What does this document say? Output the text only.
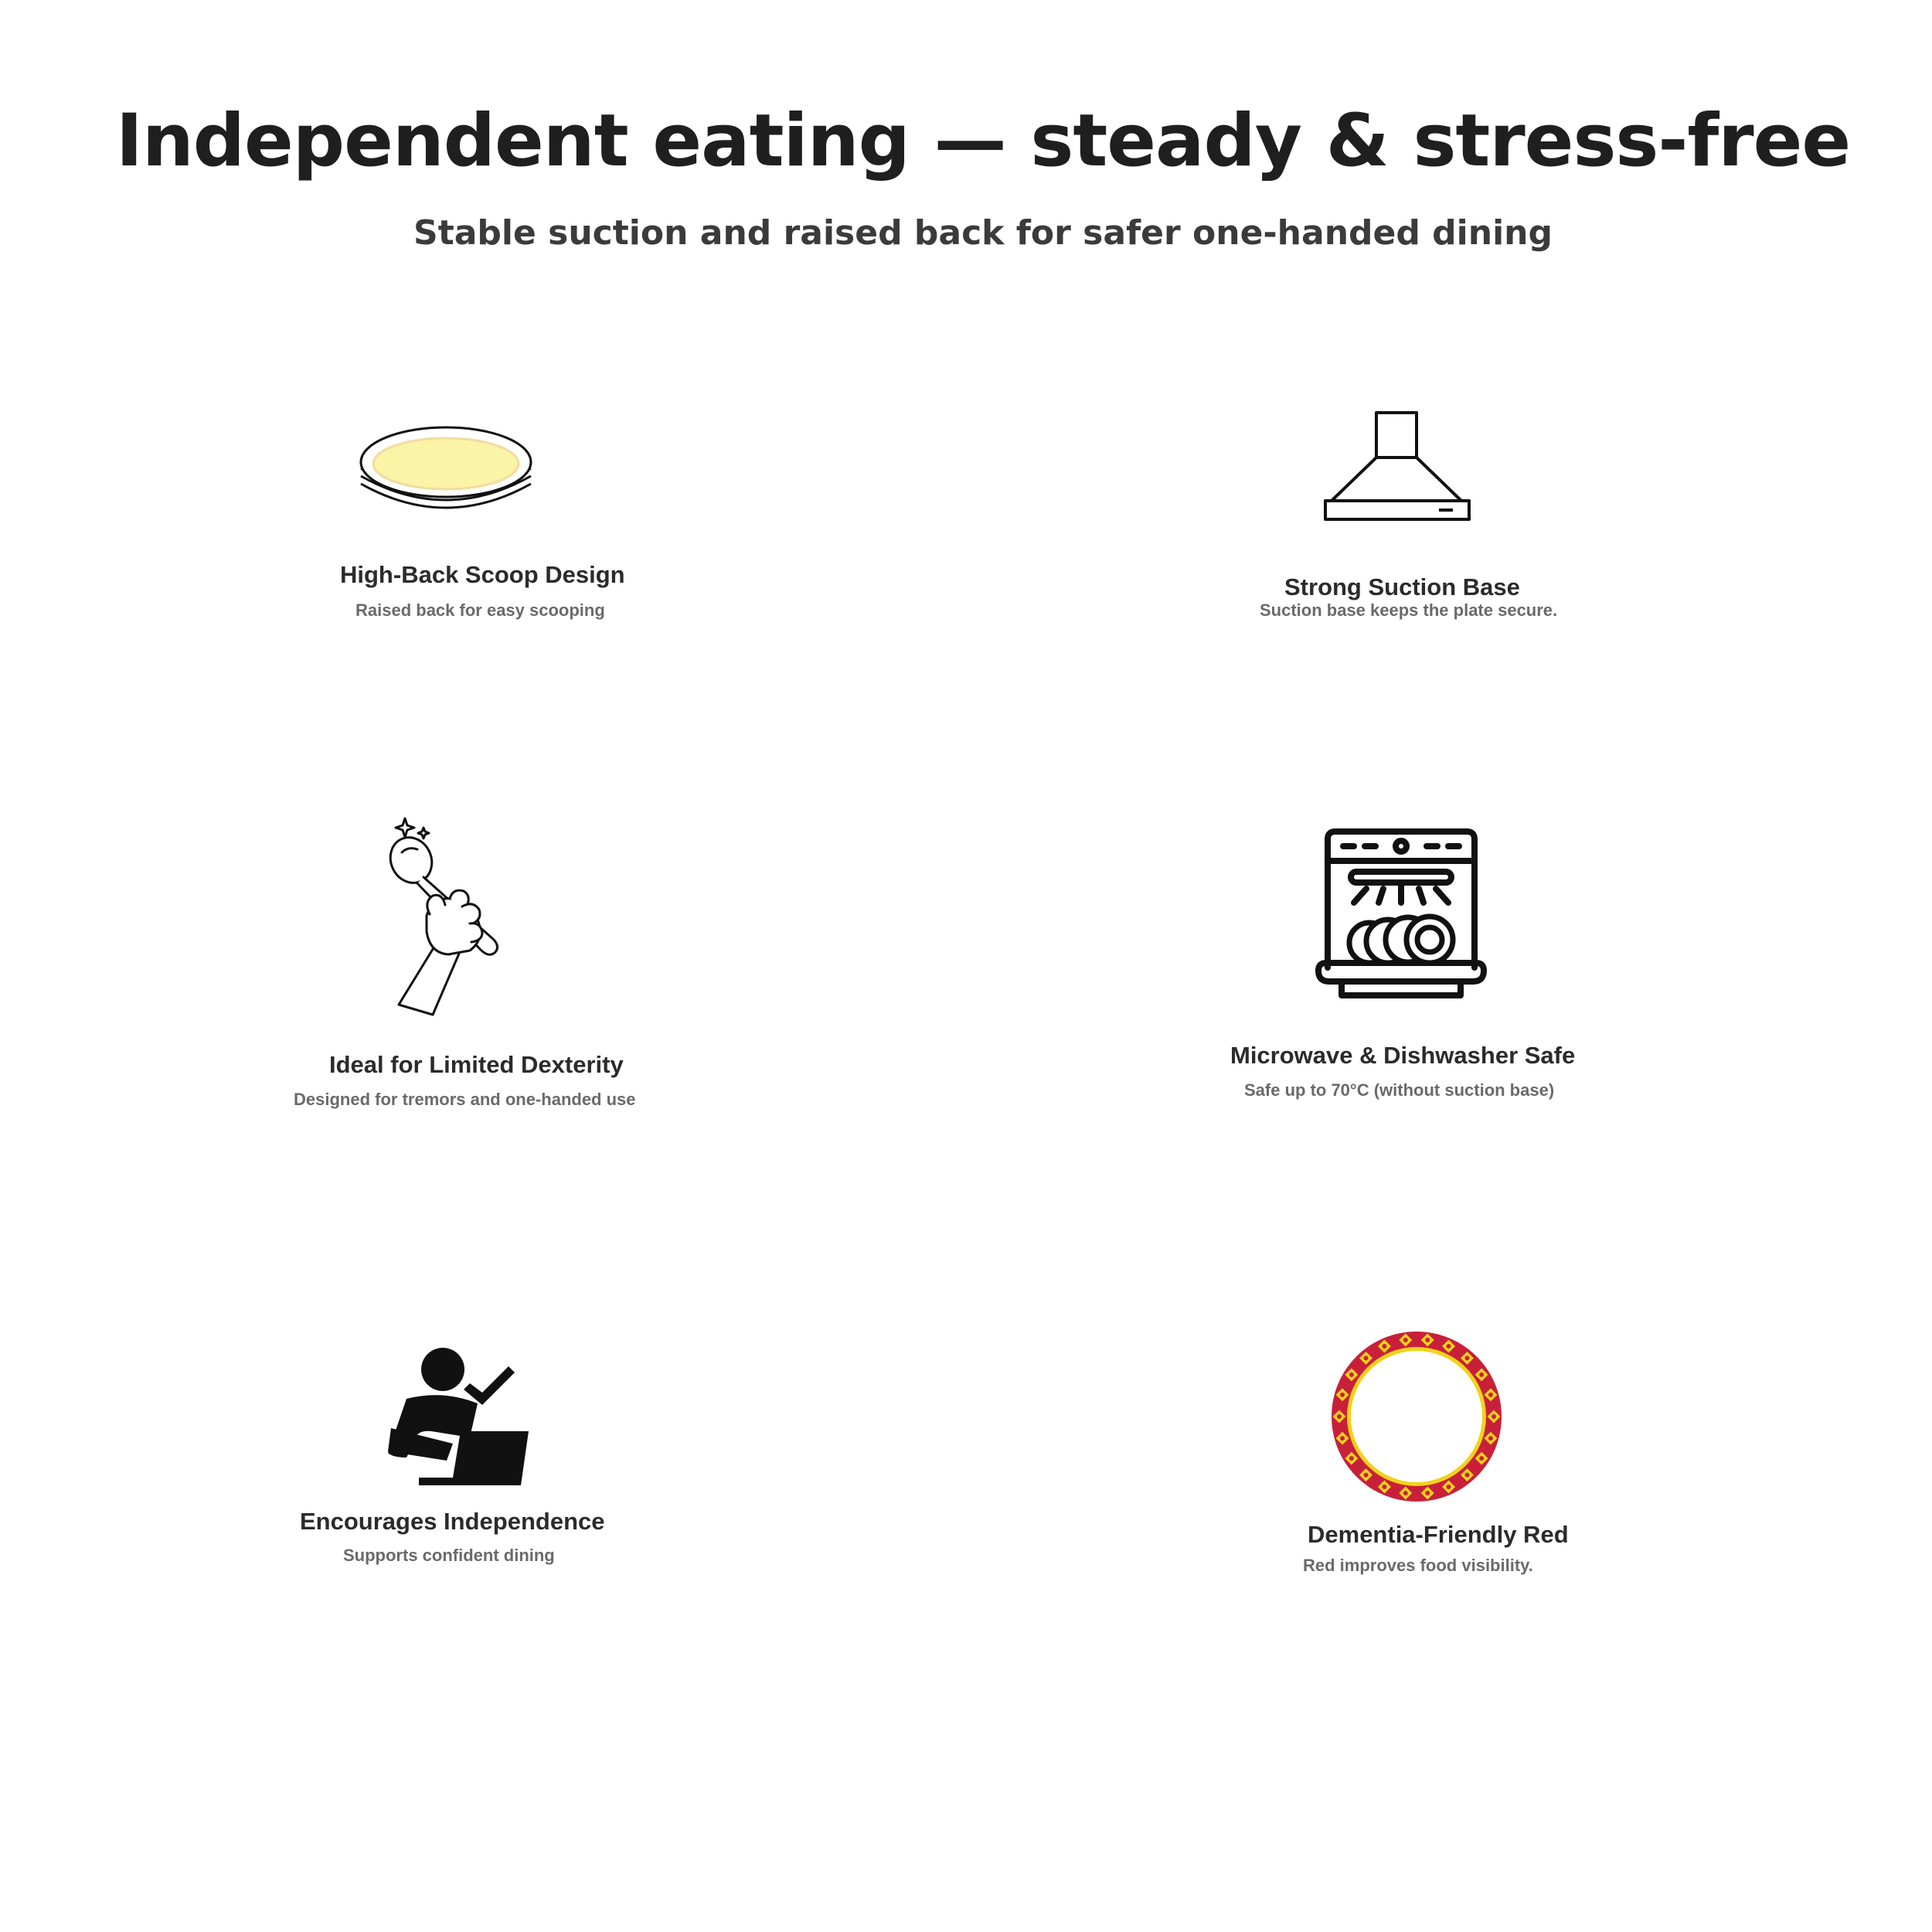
Independent eating — steady & stress-free
Stable suction and raised back for safer one-handed dining
High-Back Scoop Design
Raised back for easy scooping
Strong Suction Base
Suction base keeps the plate secure.
Ideal for Limited Dexterity
Designed for tremors and one-handed use
Microwave & Dishwasher Safe
Safe up to 70°C (without suction base)
Encourages Independence
Supports confident dining
Dementia-Friendly Red
Red improves food visibility.
